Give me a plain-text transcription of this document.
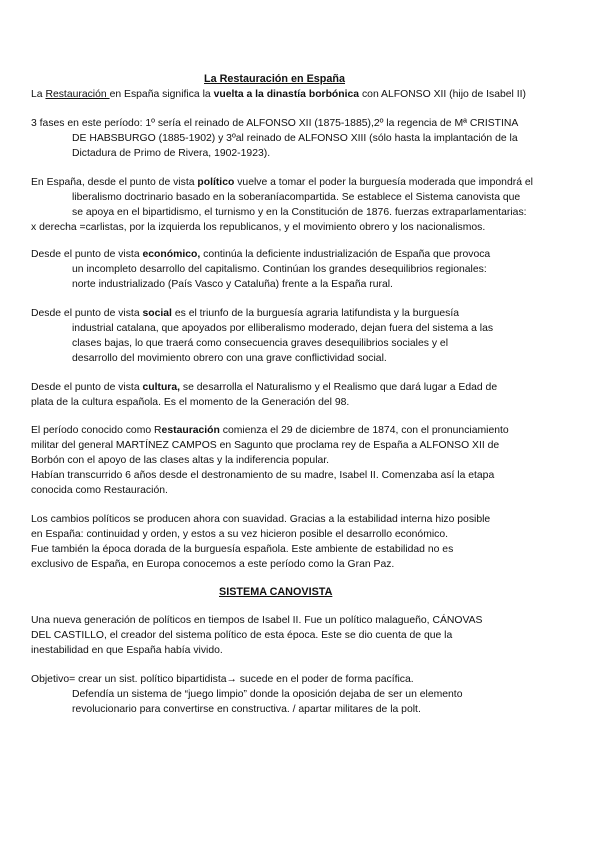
La Restauración en España
La Restauración en España significa la vuelta a la dinastía borbónica con ALFONSO XII (hijo de Isabel II)
3 fases en este período: 1º sería el reinado de ALFONSO XII (1875-1885),2º la regencia de Mª CRISTINA
DE HABSBURGO (1885-1902) y 3ºal reinado de ALFONSO XIII (sólo hasta la implantación de la
Dictadura de Primo de Rivera, 1902-1923).
En España, desde el punto de vista político vuelve a tomar el poder la burguesía moderada que impondrá el
liberalismo doctrinario basado en la soberaníacompartida. Se establece el Sistema canovista que
se apoya en el bipartidismo, el turnismo y en la Constitución de 1876. fuerzas extraparlamentarias:
x derecha =carlistas, por la izquierda los republicanos, y el movimiento obrero y los nacionalismos.
Desde el punto de vista económico, continúa la deficiente industrialización de España que provoca
un incompleto desarrollo del capitalismo. Continúan los grandes desequilibrios regionales:
norte industrializado (País Vasco y Cataluña) frente a la España rural.
Desde el punto de vista social es el triunfo de la burguesía agraria latifundista y la burguesía
industrial catalana, que apoyados por elliberalismo moderado, dejan fuera del sistema a las
clases bajas, lo que traerá como consecuencia graves desequilibrios sociales y el
desarrollo del movimiento obrero con una grave conflictividad social.
Desde el punto de vista cultura, se desarrolla el Naturalismo y el Realismo que dará lugar a Edad de
plata de la cultura española. Es el momento de la Generación del 98.
El período conocido como Restauración comienza el 29 de diciembre de 1874, con el pronunciamiento
militar del general MARTÍNEZ CAMPOS en Sagunto que proclama rey de España a ALFONSO XII de
Borbón con el apoyo de las clases altas y la indiferencia popular.
Habían transcurrido 6 años desde el destronamiento de su madre, Isabel II. Comenzaba así la etapa
conocida como Restauración.
Los cambios políticos se producen ahora con suavidad. Gracias a la estabilidad interna hizo posible
en España: continuidad y orden, y estos a su vez hicieron posible el desarrollo económico.
Fue también la época dorada de la burguesía española. Este ambiente de estabilidad no es
exclusivo de España, en Europa conocemos a este período como la Gran Paz.
SISTEMA CANOVISTA
Una nueva generación de políticos en tiempos de Isabel II. Fue un político malagueño, CÁNOVAS
DEL CASTILLO, el creador del sistema político de esta época. Este se dio cuenta de que la
inestabilidad en que España había vivido.
Objetivo= crear un sist. político bipartidista→ sucede en el poder de forma pacífica.
Defendía un sistema de “juego limpio” donde la oposición dejaba de ser un elemento
revolucionario para convertirse en constructiva. / apartar militares de la polt.
